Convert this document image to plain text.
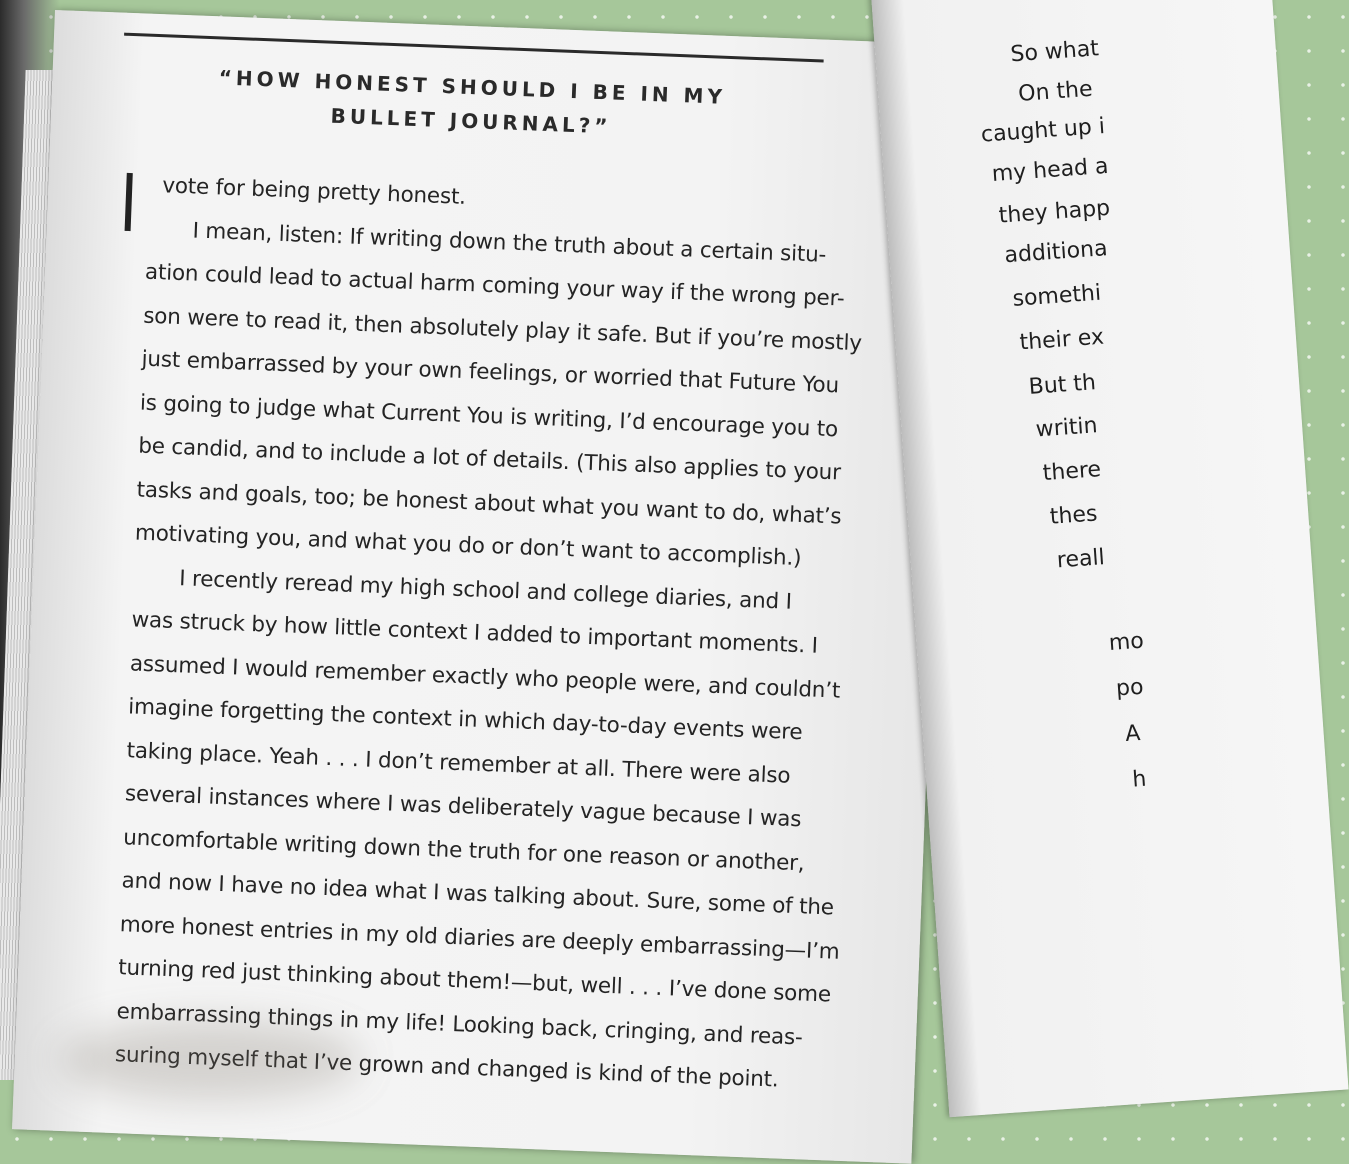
“HOW HONEST SHOULD I BE IN MY
BULLET JOURNAL?”
vote for being pretty honest.
I mean, listen: If writing down the truth about a certain situ-
ation could lead to actual harm coming your way if the wrong per-
son were to read it, then absolutely play it safe. But if you’re mostly
just embarrassed by your own feelings, or worried that Future You
is going to judge what Current You is writing, I’d encourage you to
be candid, and to include a lot of details. (This also applies to your
tasks and goals, too; be honest about what you want to do, what’s
motivating you, and what you do or don’t want to accomplish.)
I recently reread my high school and college diaries, and I
was struck by how little context I added to important moments. I
assumed I would remember exactly who people were, and couldn’t
imagine forgetting the context in which day-to-day events were
taking place. Yeah . . . I don’t remember at all. There were also
several instances where I was deliberately vague because I was
uncomfortable writing down the truth for one reason or another,
and now I have no idea what I was talking about. Sure, some of the
more honest entries in my old diaries are deeply embarrassing—I’m
turning red just thinking about them!—but, well . . . I’ve done some
embarrassing things in my life! Looking back, cringing, and reas-
suring myself that I’ve grown and changed is kind of the point.
So what
On the
caught up i
my head a
they happ
additiona
somethi
their ex
But th
writin
there
thes
reall
mo
po
A
h
